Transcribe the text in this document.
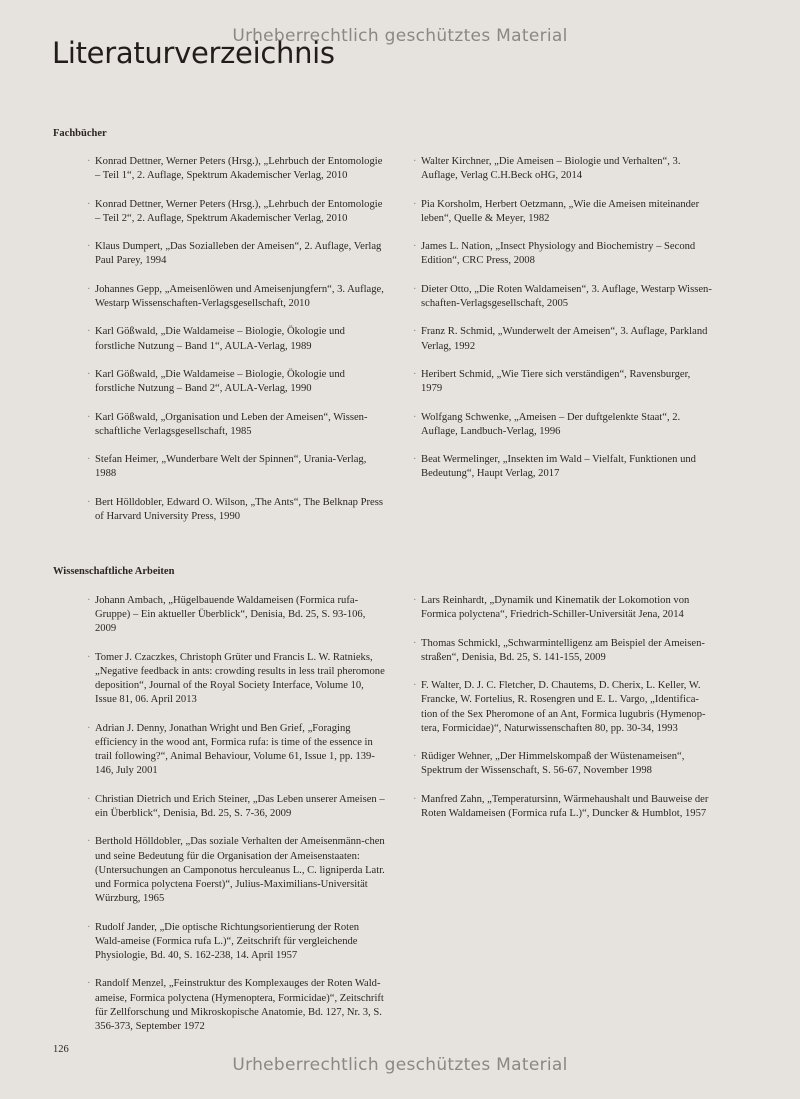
Urheberrechtlich geschütztes Material
Literaturverzeichnis
Fachbücher
· Konrad Dettner, Werner Peters (Hrsg.), „Lehrbuch der Entomologie – Teil 1“, 2. Auflage, Spektrum Akademischer Verlag, 2010
· Konrad Dettner, Werner Peters (Hrsg.), „Lehrbuch der Entomologie – Teil 2“, 2. Auflage, Spektrum Akademischer Verlag, 2010
· Klaus Dumpert, „Das Sozialleben der Ameisen“, 2. Auflage, Verlag Paul Parey, 1994
· Johannes Gepp, „Ameisenlöwen und Ameisenjungfern“, 3. Auflage, Westarp Wissenschaften-Verlagsgesellschaft, 2010
· Karl Gößwald, „Die Waldameise – Biologie, Ökologie und forstliche Nutzung – Band 1“, AULA-Verlag, 1989
· Karl Gößwald, „Die Waldameise – Biologie, Ökologie und forstliche Nutzung – Band 2“, AULA-Verlag, 1990
· Karl Gößwald, „Organisation und Leben der Ameisen“, Wissen-schaftliche Verlagsgesellschaft, 1985
· Stefan Heimer, „Wunderbare Welt der Spinnen“, Urania-Verlag, 1988
· Bert Hölldobler, Edward O. Wilson, „The Ants“, The Belknap Press of Harvard University Press, 1990
· Walter Kirchner, „Die Ameisen – Biologie und Verhalten“, 3. Auflage, Verlag C.H.Beck oHG, 2014
· Pia Korsholm, Herbert Oetzmann, „Wie die Ameisen miteinander leben“, Quelle & Meyer, 1982
· James L. Nation, „Insect Physiology and Biochemistry – Second Edition“, CRC Press, 2008
· Dieter Otto, „Die Roten Waldameisen“, 3. Auflage, Westarp Wissen-schaften-Verlagsgesellschaft, 2005
· Franz R. Schmid, „Wunderwelt der Ameisen“, 3. Auflage, Parkland Verlag, 1992
· Heribert Schmid, „Wie Tiere sich verständigen“, Ravensburger, 1979
· Wolfgang Schwenke, „Ameisen – Der duftgelenkte Staat“, 2. Auflage, Landbuch-Verlag, 1996
· Beat Wermelinger, „Insekten im Wald – Vielfalt, Funktionen und Bedeutung“, Haupt Verlag, 2017
Wissenschaftliche Arbeiten
· Johann Ambach, „Hügelbauende Waldameisen (Formica rufa-Gruppe) – Ein aktueller Überblick“, Denisia, Bd. 25, S. 93-106, 2009
· Tomer J. Czaczkes, Christoph Grüter und Francis L. W. Ratnieks, „Negative feedback in ants: crowding results in less trail pheromone deposition“, Journal of the Royal Society Interface, Volume 10, Issue 81, 06. April 2013
· Adrian J. Denny, Jonathan Wright und Ben Grief, „Foraging efficiency in the wood ant, Formica rufa: is time of the essence in trail following?“, Animal Behaviour, Volume 61, Issue 1, pp. 139-146, July 2001
· Christian Dietrich und Erich Steiner, „Das Leben unserer Ameisen – ein Überblick“, Denisia, Bd. 25, S. 7-36, 2009
· Berthold Hölldobler, „Das soziale Verhalten der Ameisenmänn-chen und seine Bedeutung für die Organisation der Ameisenstaaten: (Untersuchungen an Camponotus herculeanus L., C. ligniperda Latr. und Formica polyctena Foerst)“, Julius-Maximilians-Universität Würzburg, 1965
· Rudolf Jander, „Die optische Richtungsorientierung der Roten Wald-ameise (Formica rufa L.)“, Zeitschrift für vergleichende Physiologie, Bd. 40, S. 162-238, 14. April 1957
· Randolf Menzel, „Feinstruktur des Komplexauges der Roten Wald-ameise, Formica polyctena (Hymenoptera, Formicidae)“, Zeitschrift für Zellforschung und Mikroskopische Anatomie, Bd. 127, Nr. 3, S. 356-373, September 1972
· Lars Reinhardt, „Dynamik und Kinematik der Lokomotion von Formica polyctena“, Friedrich-Schiller-Universität Jena, 2014
· Thomas Schmickl, „Schwarmintelligenz am Beispiel der Ameisen-straßen“, Denisia, Bd. 25, S. 141-155, 2009
· F. Walter, D. J. C. Fletcher, D. Chautems, D. Cherix, L. Keller, W. Francke, W. Fortelius, R. Rosengren und E. L. Vargo, „Identifica-tion of the Sex Pheromone of an Ant, Formica lugubris (Hymenop-tera, Formicidae)“, Naturwissenschaften 80, pp. 30-34, 1993
· Rüdiger Wehner, „Der Himmelskompaß der Wüstenameisen“, Spektrum der Wissenschaft, S. 56-67, November 1998
· Manfred Zahn, „Temperatursinn, Wärmehaushalt und Bauweise der Roten Waldameisen (Formica rufa L.)“, Duncker & Humblot, 1957
126
Urheberrechtlich geschütztes Material
